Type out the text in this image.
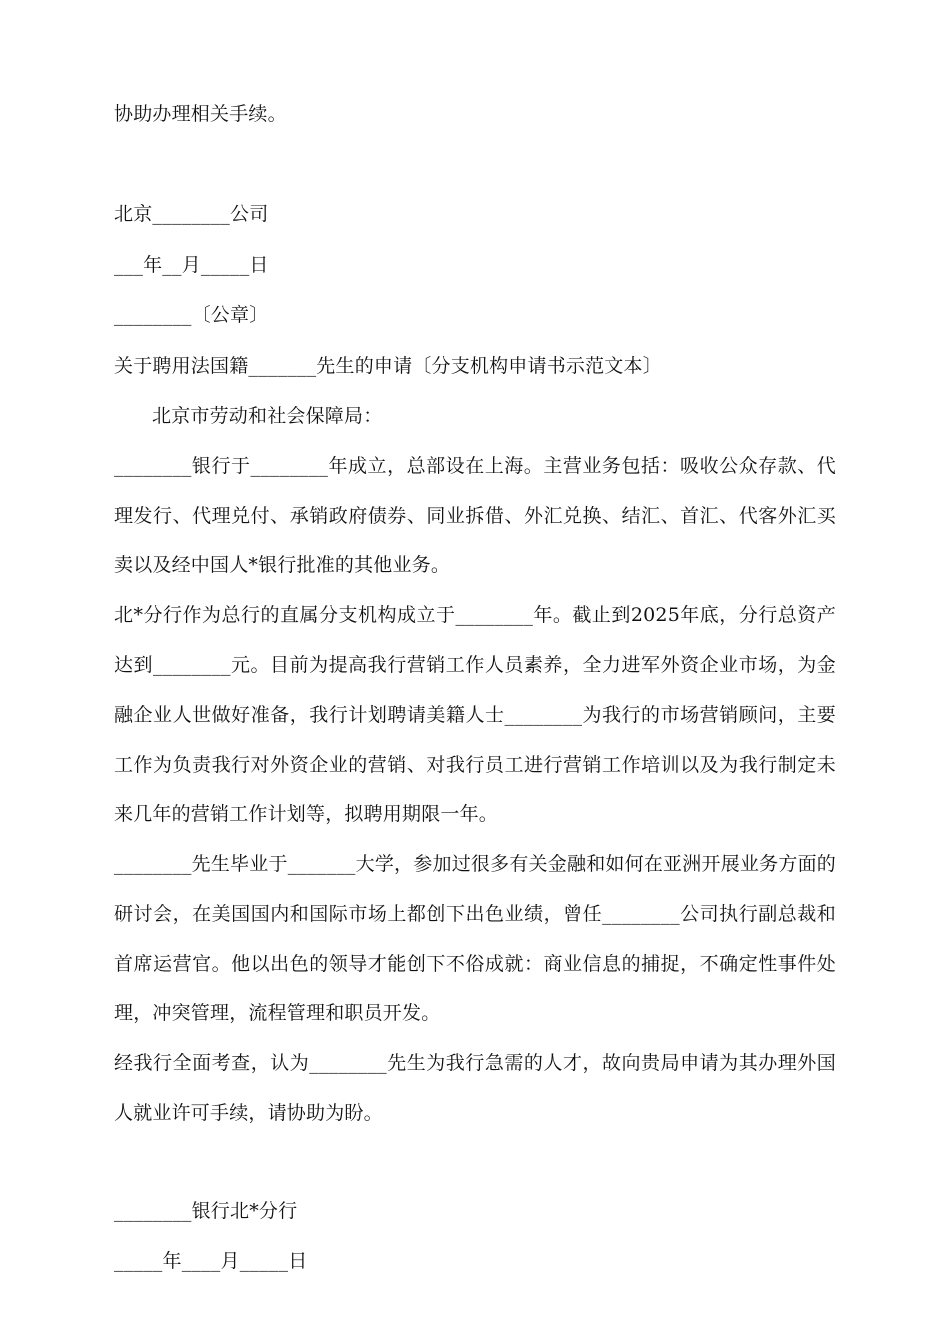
协助办理相关手续。
北京________公司
___年__月_____日
________〔公章〕
关于聘用法国籍_______先生的申请〔分支机构申请书示范文本〕
北京市劳动和社会保障局：
________银行于________年成立，总部设在上海。主营业务包括：吸收公众存款、代
理发行、代理兑付、承销政府债券、同业拆借、外汇兑换、结汇、首汇、代客外汇买
卖以及经中国人*银行批准的其他业务。
北*分行作为总行的直属分支机构成立于________年。截止到2025年底，分行总资产
达到________元。目前为提高我行营销工作人员素养，全力进军外资企业市场，为金
融企业人世做好准备，我行计划聘请美籍人士________为我行的市场营销顾问，主要
工作为负责我行对外资企业的营销、对我行员工进行营销工作培训以及为我行制定未
来几年的营销工作计划等，拟聘用期限一年。
________先生毕业于_______大学，参加过很多有关金融和如何在亚洲开展业务方面的
研讨会，在美国国内和国际市场上都创下出色业绩，曾任________公司执行副总裁和
首席运营官。他以出色的领导才能创下不俗成就：商业信息的捕捉，不确定性事件处
理，冲突管理，流程管理和职员开发。
经我行全面考查，认为________先生为我行急需的人才，故向贵局申请为其办理外国
人就业许可手续，请协助为盼。
________银行北*分行
_____年____月_____日
